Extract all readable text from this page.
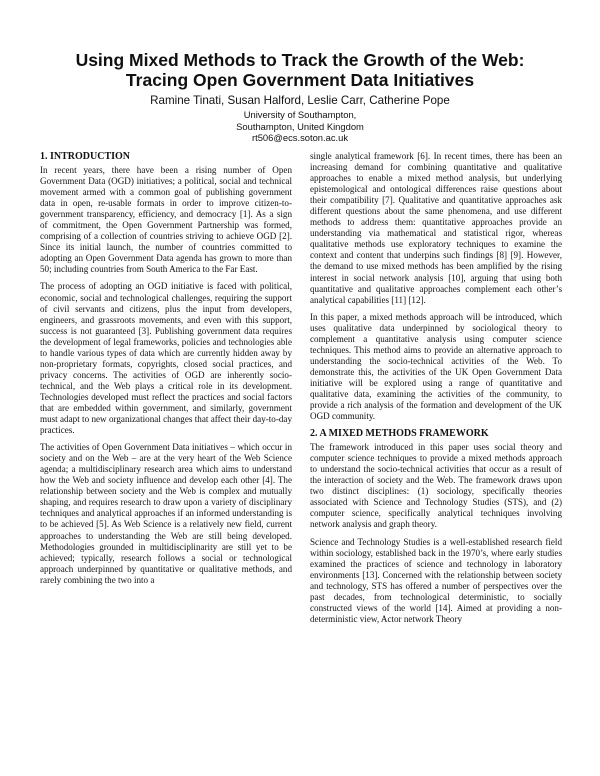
Using Mixed Methods to Track the Growth of the Web:
Tracing Open Government Data Initiatives
Ramine Tinati, Susan Halford, Leslie Carr, Catherine Pope
University of Southampton,
Southampton, United Kingdom
rt506@ecs.soton.ac.uk
1. INTRODUCTION

In recent years, there have been a rising number of Open Government Data (OGD) initiatives; a political, social and technical movement armed with a common goal of publishing government data in open, re-usable formats in order to improve citizen-to-government transparency, efficiency, and democracy [1]. As a sign of commitment, the Open Government Partnership was formed, comprising of a collection of countries striving to achieve OGD [2]. Since its initial launch, the number of countries committed to adopting an Open Government Data agenda has grown to more than 50; including countries from South America to the Far East.

The process of adopting an OGD initiative is faced with political, economic, social and technological challenges, requiring the support of civil servants and citizens, plus the input from developers, engineers, and grassroots movements, and even with this support, success is not guaranteed [3]. Publishing government data requires the development of legal frameworks, policies and technologies able to handle various types of data which are currently hidden away by non-proprietary formats, copyrights, closed social practices, and privacy concerns. The activities of OGD are inherently socio-technical, and the Web plays a critical role in its development. Technologies developed must reflect the practices and social factors that are embedded within government, and similarly, government must adapt to new organizational changes that affect their day-to-day practices.

The activities of Open Government Data initiatives – which occur in society and on the Web – are at the very heart of the Web Science agenda; a multidisciplinary research area which aims to understand how the Web and society influence and develop each other [4]. The relationship between society and the Web is complex and mutually shaping, and requires research to draw upon a variety of disciplinary techniques and analytical approaches if an informed understanding is to be achieved [5]. As Web Science is a relatively new field, current approaches to understanding the Web are still being developed. Methodologies grounded in multidisciplinarity are still yet to be achieved; typically, research follows a social or technological approach underpinned by quantitative or qualitative methods, and rarely combining the two into a

single analytical framework [6]. In recent times, there has been an increasing demand for combining quantitative and qualitative approaches to enable a mixed method analysis, but underlying epistemological and ontological differences raise questions about their compatibility [7]. Qualitative and quantitative approaches ask different questions about the same phenomena, and use different methods to address them: quantitative approaches provide an understanding via mathematical and statistical rigor, whereas qualitative methods use exploratory techniques to examine the context and content that underpins such findings [8] [9]. However, the demand to use mixed methods has been amplified by the rising interest in social network analysis [10], arguing that using both quantitative and qualitative approaches complement each other’s analytical capabilities [11] [12].

In this paper, a mixed methods approach will be introduced, which uses qualitative data underpinned by sociological theory to complement a quantitative analysis using computer science techniques. This method aims to provide an alternative approach to understanding the socio-technical activities of the Web. To demonstrate this, the activities of the UK Open Government Data initiative will be explored using a range of quantitative and qualitative data, examining the activities of the community, to provide a rich analysis of the formation and development of the UK OGD community.

2. A MIXED METHODS FRAMEWORK

The framework introduced in this paper uses social theory and computer science techniques to provide a mixed methods approach to understand the socio-technical activities that occur as a result of the interaction of society and the Web. The framework draws upon two distinct disciplines: (1) sociology, specifically theories associated with Science and Technology Studies (STS), and (2) computer science, specifically analytical techniques involving network analysis and graph theory.

Science and Technology Studies is a well-established research field within sociology, established back in the 1970’s, where early studies examined the practices of science and technology in laboratory environments [13]. Concerned with the relationship between society and technology, STS has offered a number of perspectives over the past decades, from technological deterministic, to socially constructed views of the world [14]. Aimed at providing a non-deterministic view, Actor network Theory
